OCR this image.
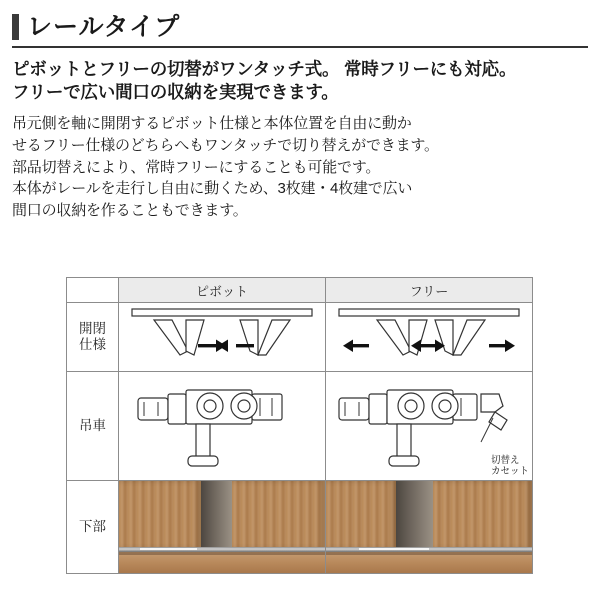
レールタイプ
ピボットとフリーの切替がワンタッチ式。 常時フリーにも対応。
フリーで広い間口の収納を実現できます。
吊元側を軸に開閉するピボット仕様と本体位置を自由に動か
せるフリー仕様のどちらへもワンタッチで切り替えができます。
部品切替えにより、常時フリーにすることも可能です。
本体がレールを走行し自由に動くため、3枚建・4枚建で広い
間口の収納を作ることもできます。
	ピボット	フリー

開閉
仕様

吊車		切替え
カセット

下部		
